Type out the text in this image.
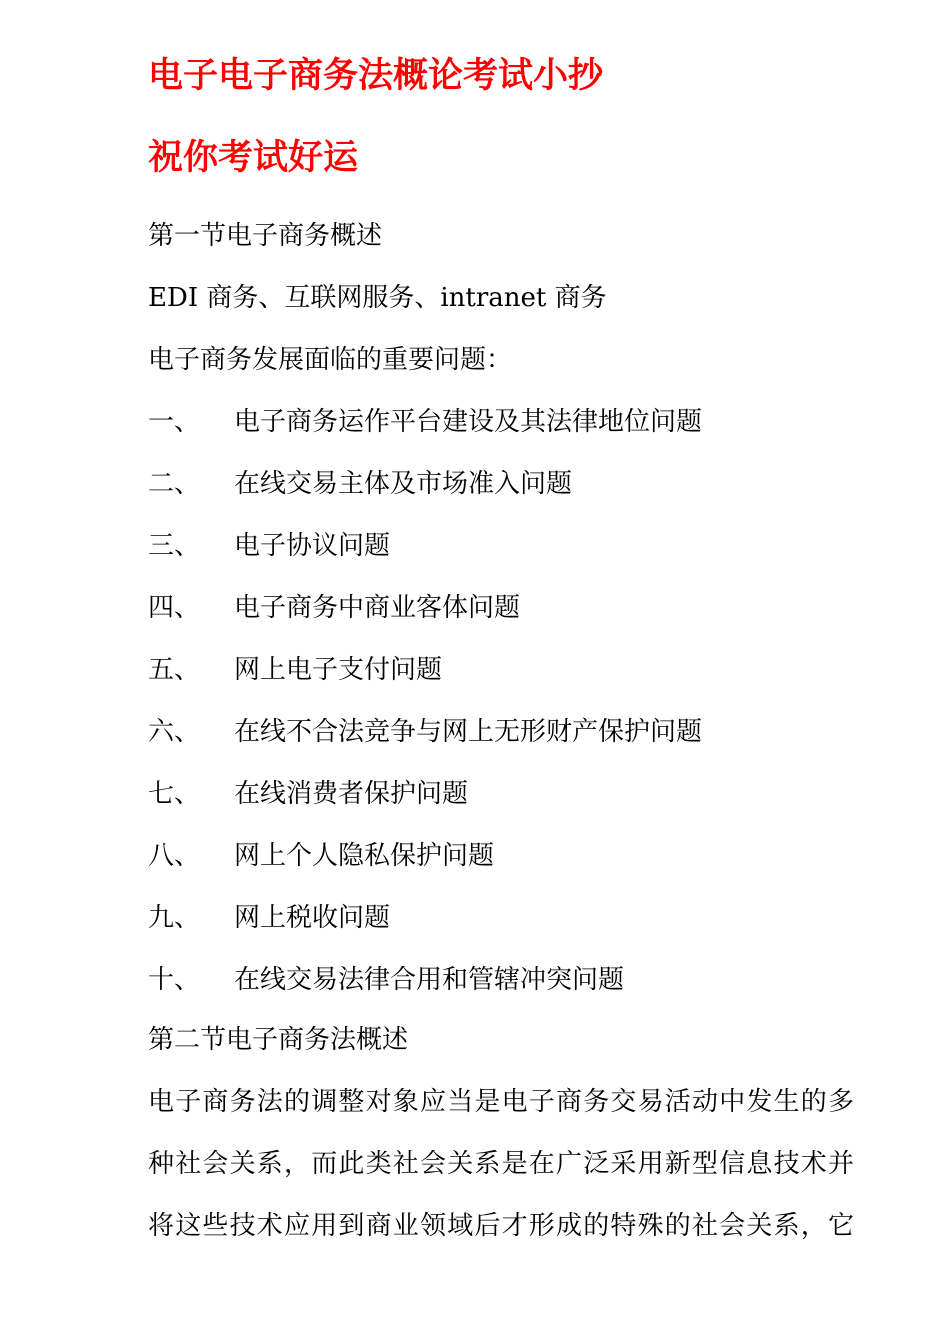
电子电子商务法概论考试小抄
祝你考试好运
第一节电子商务概述
EDI 商务、互联网服务、intranet 商务
电子商务发展面临的重要问题：
一、 电子商务运作平台建设及其法律地位问题
二、 在线交易主体及市场准入问题
三、 电子协议问题
四、 电子商务中商业客体问题
五、 网上电子支付问题
六、 在线不合法竞争与网上无形财产保护问题
七、 在线消费者保护问题
八、 网上个人隐私保护问题
九、 网上税收问题
十、 在线交易法律合用和管辖冲突问题
第二节电子商务法概述
电子商务法的调整对象应当是电子商务交易活动中发生的多
种社会关系，而此类社会关系是在广泛采用新型信息技术并
将这些技术应用到商业领域后才形成的特殊的社会关系，它
